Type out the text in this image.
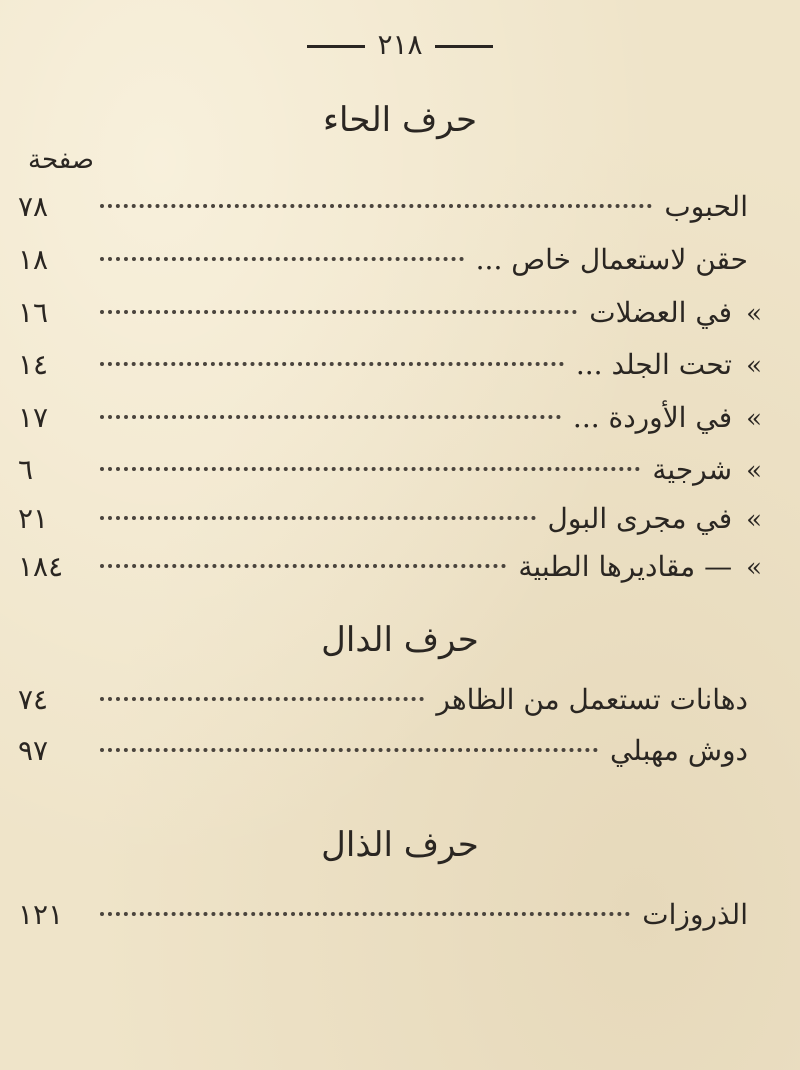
٢١٨
حرف الحاء
صفحة
الحبوب
٧٨
حقن لاستعمال خاص ...
١٨
»
في العضلات
١٦
»
تحت الجلد ...
١٤
»
في الأوردة ...
١٧
»
شرجية
٦
»
في مجرى البول
٢١
»
— مقاديرها الطبية
١٨٤
حرف الدال
دهانات تستعمل من الظاهر
٧٤
دوش مهبلي
٩٧
حرف الذال
الذروزات
١٢١
